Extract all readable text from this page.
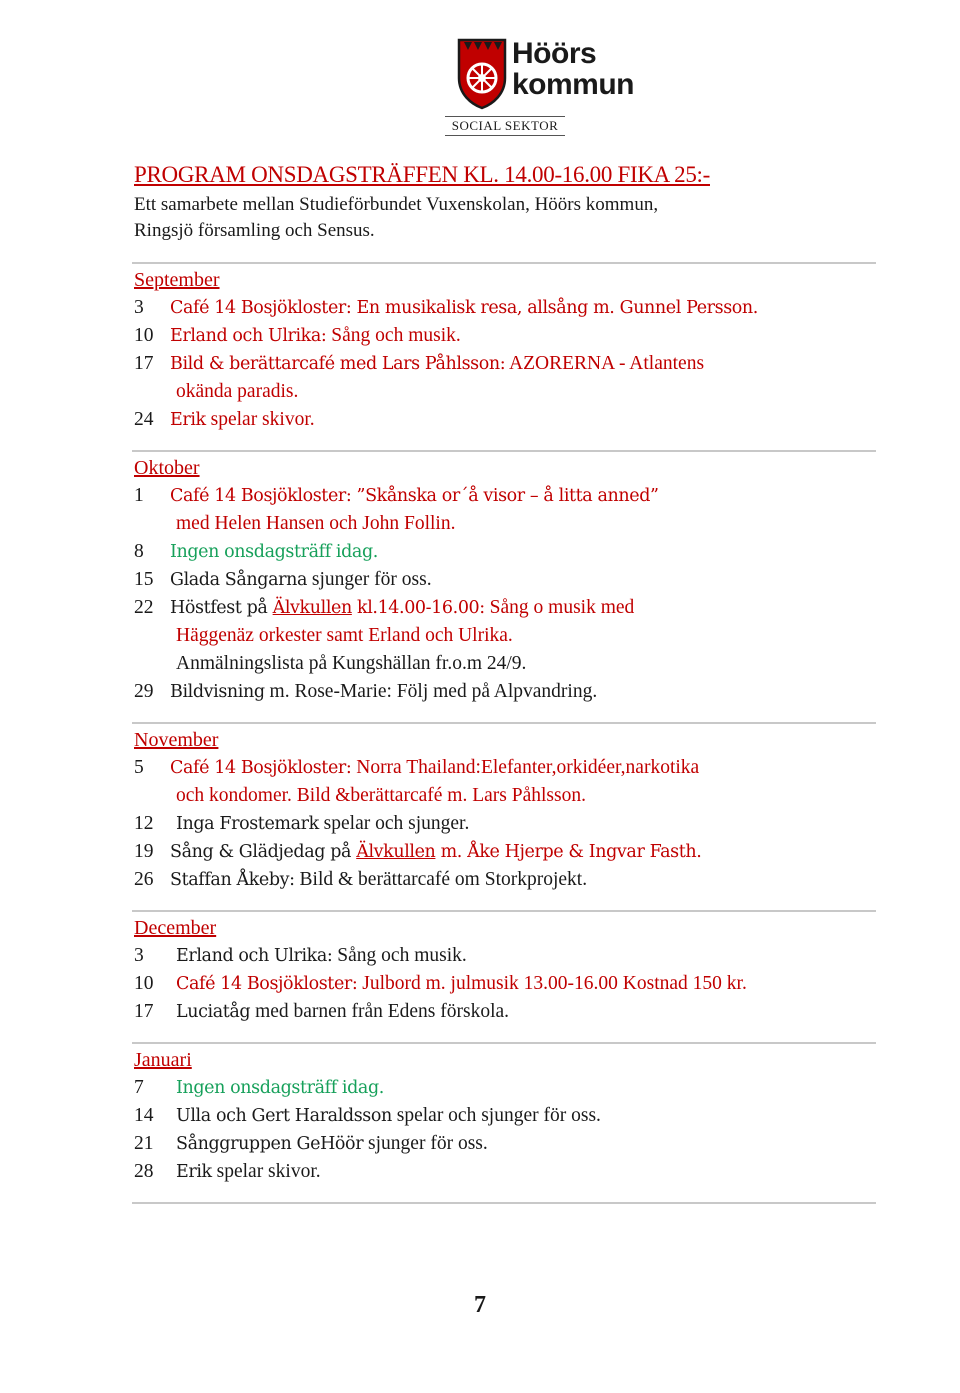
Höörs
kommun
SOCIAL SEKTOR
PROGRAM ONSDAGSTRÄFFEN KL. 14.00-16.00 FIKA 25:-
Ett samarbete mellan Studieförbundet Vuxenskolan, Höörs kommun,
Ringsjö församling och Sensus.
September
3	Café 14 Bosjökloster: En musikalisk resa, allsång m. Gunnel Persson.
10 Erland och Ulrika: Sång och musik.
17 Bild & berättarcafé med Lars Påhlsson: AZORERNA - Atlantens
okända paradis.
24 Erik spelar skivor.
Oktober
1	Café 14 Bosjökloster: ”Skånska or´å visor – å litta anned”
med Helen Hansen och John Follin.
8	Ingen onsdagsträff idag.
15 Glada Sångarna sjunger för oss.
22 Höstfest på Älvkullen kl.14.00-16.00: Sång o musik med
Häggenäz orkester samt Erland och Ulrika.
Anmälningslista på Kungshällan fr.o.m 24/9.
29 Bildvisning m. Rose-Marie: Följ med på Alpvandring.
November
5	Café 14 Bosjökloster: Norra Thailand:Elefanter,orkidéer,narkotika
och kondomer. Bild &berättarcafé m. Lars Påhlsson.
12	Inga Frostemark spelar och sjunger.
19 Sång & Glädjedag på Älvkullen m. Åke Hjerpe & Ingvar Fasth.
26 Staffan Åkeby: Bild & berättarcafé om Storkprojekt.
December
3	Erland och Ulrika: Sång och musik.
10	Café 14 Bosjökloster: Julbord m. julmusik 13.00-16.00 Kostnad 150 kr.
17	Luciatåg med barnen från Edens förskola.
Januari
7	Ingen onsdagsträff idag.
14	Ulla och Gert Haraldsson spelar och sjunger för oss.
21	Sånggruppen GeHöör sjunger för oss.
28	Erik spelar skivor.
7
